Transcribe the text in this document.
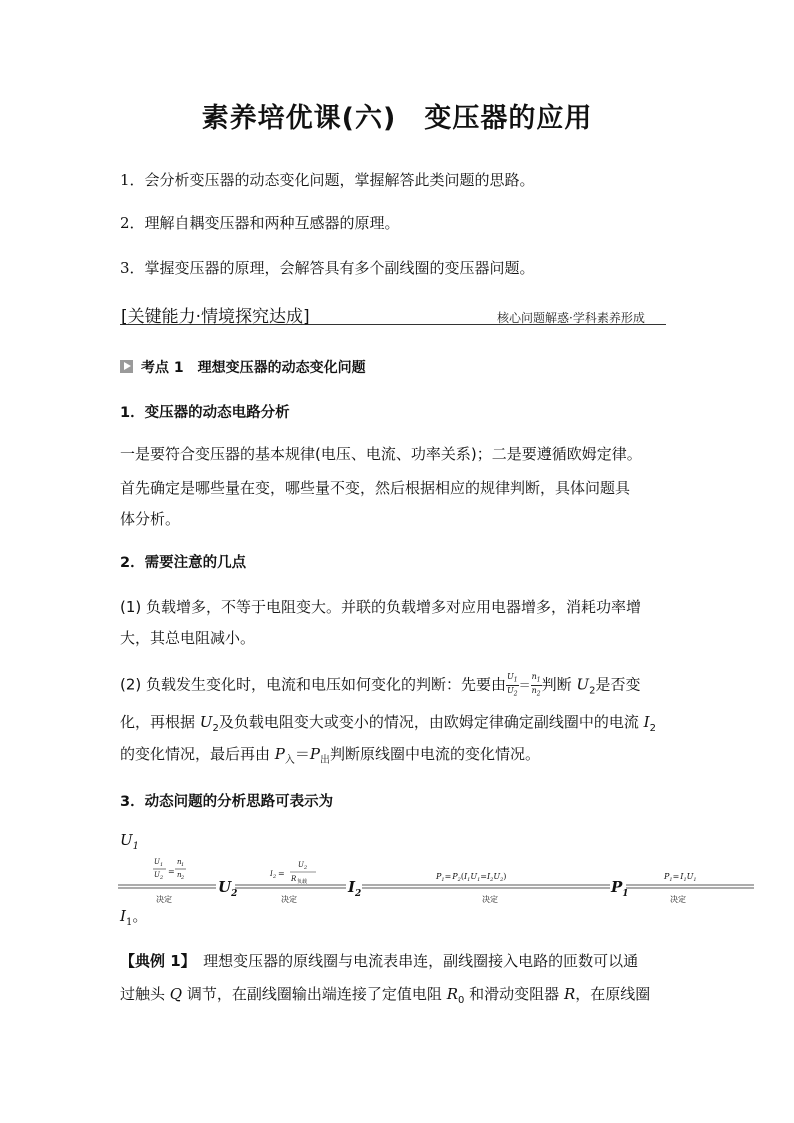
素养培优课(六)　变压器的应用
1．会分析变压器的动态变化问题，掌握解答此类问题的思路。
2．理解自耦变压器和两种互感器的原理。
3．掌握变压器的原理，会解答具有多个副线圈的变压器问题。
[关键能力·情境探究达成]	核心问题解惑·学科素养形成
考点 1　理想变压器的动态变化问题
1．变压器的动态电路分析
一是要符合变压器的基本规律(电压、电流、功率关系)；二是要遵循欧姆定律。
首先确定是哪些量在变，哪些量不变，然后根据相应的规律判断，具体问题具
体分析。
2．需要注意的几点
(1) 负载增多，不等于电阻变大。并联的负载增多对应用电器增多，消耗功率增
大，其总电阻减小。
(2) 负载发生变化时，电流和电压如何变化的判断：先要由 $\frac{U_1}{U_2} = \frac{n_1}{n_2}$ 判断 $U_2$是否变
化，再根据 $U_2$及负载电阻变大或变小的情况，由欧姆定律确定副线圈中的电流 $I_2$
的变化情况，最后再由 $P_入=P_出$判断原线圈中电流的变化情况。
3．动态问题的分析思路可表示为
$U_1$
U 1
U 2
=
n 1
n 2
决定
$U_2$
I 2 =
U 2
R 负载
决定
$I_2$
$P_1=P_2(I_1U_1=I_2U_2)$
决定
$P_1$
$P_1=I_1U_1$
决定
$I_1$。
【典例 1】　理想变压器的原线圈与电流表串连，副线圈接入电路的匝数可以通
过触头 Q 调节，在副线圈输出端连接了定值电阻 $R_0$ 和滑动变阻器 R，在原线圈
